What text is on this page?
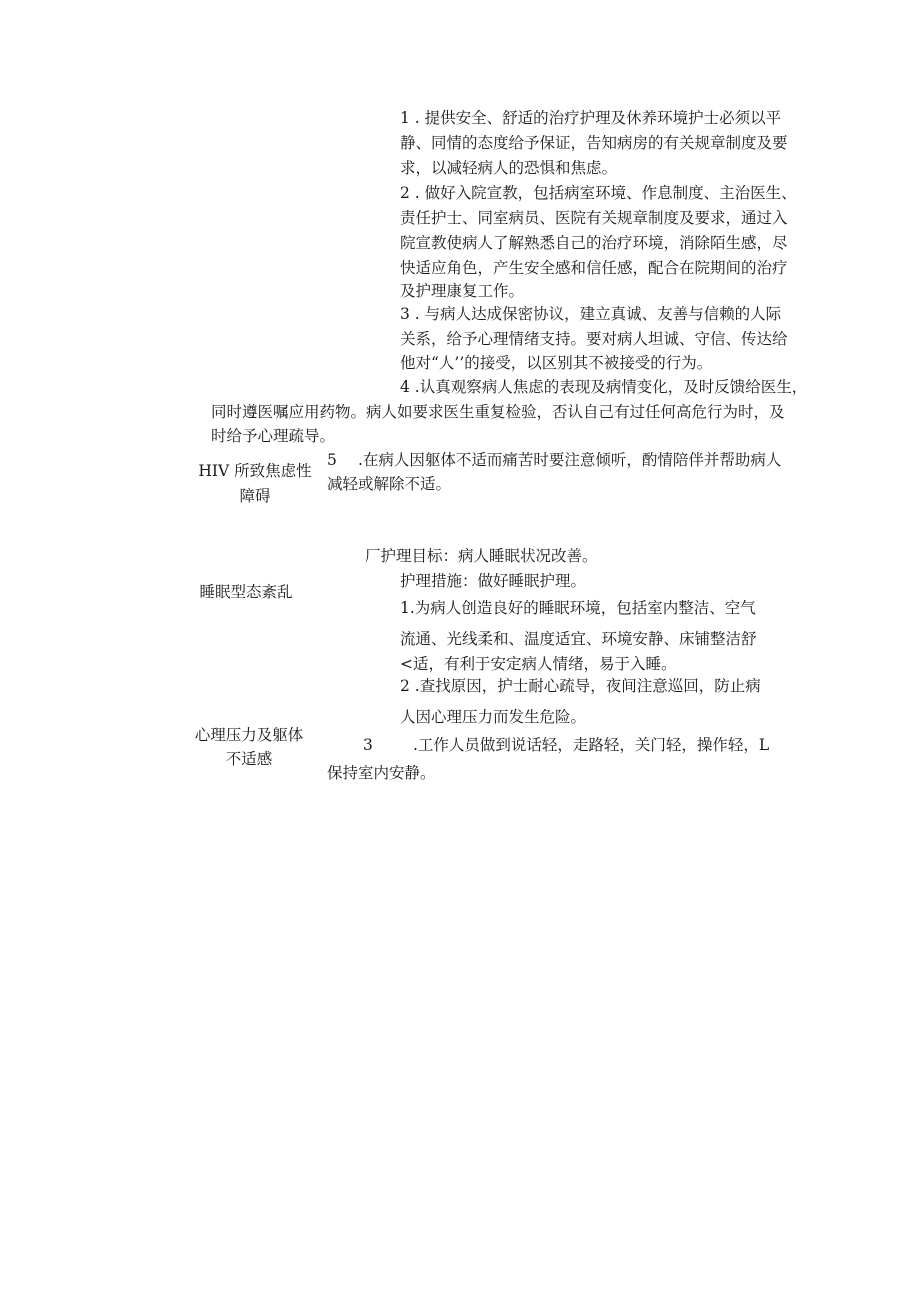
1 . 提供安全、舒适的治疗护理及休养环境护士必须以平
静、同情的态度给予保证，告知病房的有关规章制度及要
求，以减轻病人的恐惧和焦虑。
2 . 做好入院宣教，包括病室环境、作息制度、主治医生、
责任护士、同室病员、医院有关规章制度及要求，通过入
院宣教使病人了解熟悉自己的治疗环境，消除陌生感，尽
快适应角色，产生安全感和信任感，配合在院期间的治疗
及护理康复工作。
3 . 与病人达成保密协议，建立真诚、友善与信赖的人际
关系，给予心理情绪支持。要对病人坦诚、守信、传达给
他对“人’’的接受，以区别其不被接受的行为。
4 .认真观察病人焦虑的表现及病情变化，及时反馈给医生，
同时遵医嘱应用药物。病人如要求医生重复检验，否认自己有过任何高危行为时，及
时给予心理疏导。
HIV 所致焦虑性
障碍
5 .在病人因躯体不适而痛苦时要注意倾听，酌情陪伴并帮助病人
减轻或解除不适。
厂护理目标：病人睡眠状况改善。
护理措施：做好睡眠护理。
睡眠型态紊乱
1.为病人创造良好的睡眠环境，包括室内整洁、空气
流通、光线柔和、温度适宜、环境安静、床铺整洁舒
<适，有利于安定病人情绪，易于入睡。
2 .查找原因，护士耐心疏导，夜间注意巡回，防止病
人因心理压力而发生危险。
3	.工作人员做到说话轻，走路轻，关门轻，操作轻，L
保持室内安静。
心理压力及躯体
不适感
